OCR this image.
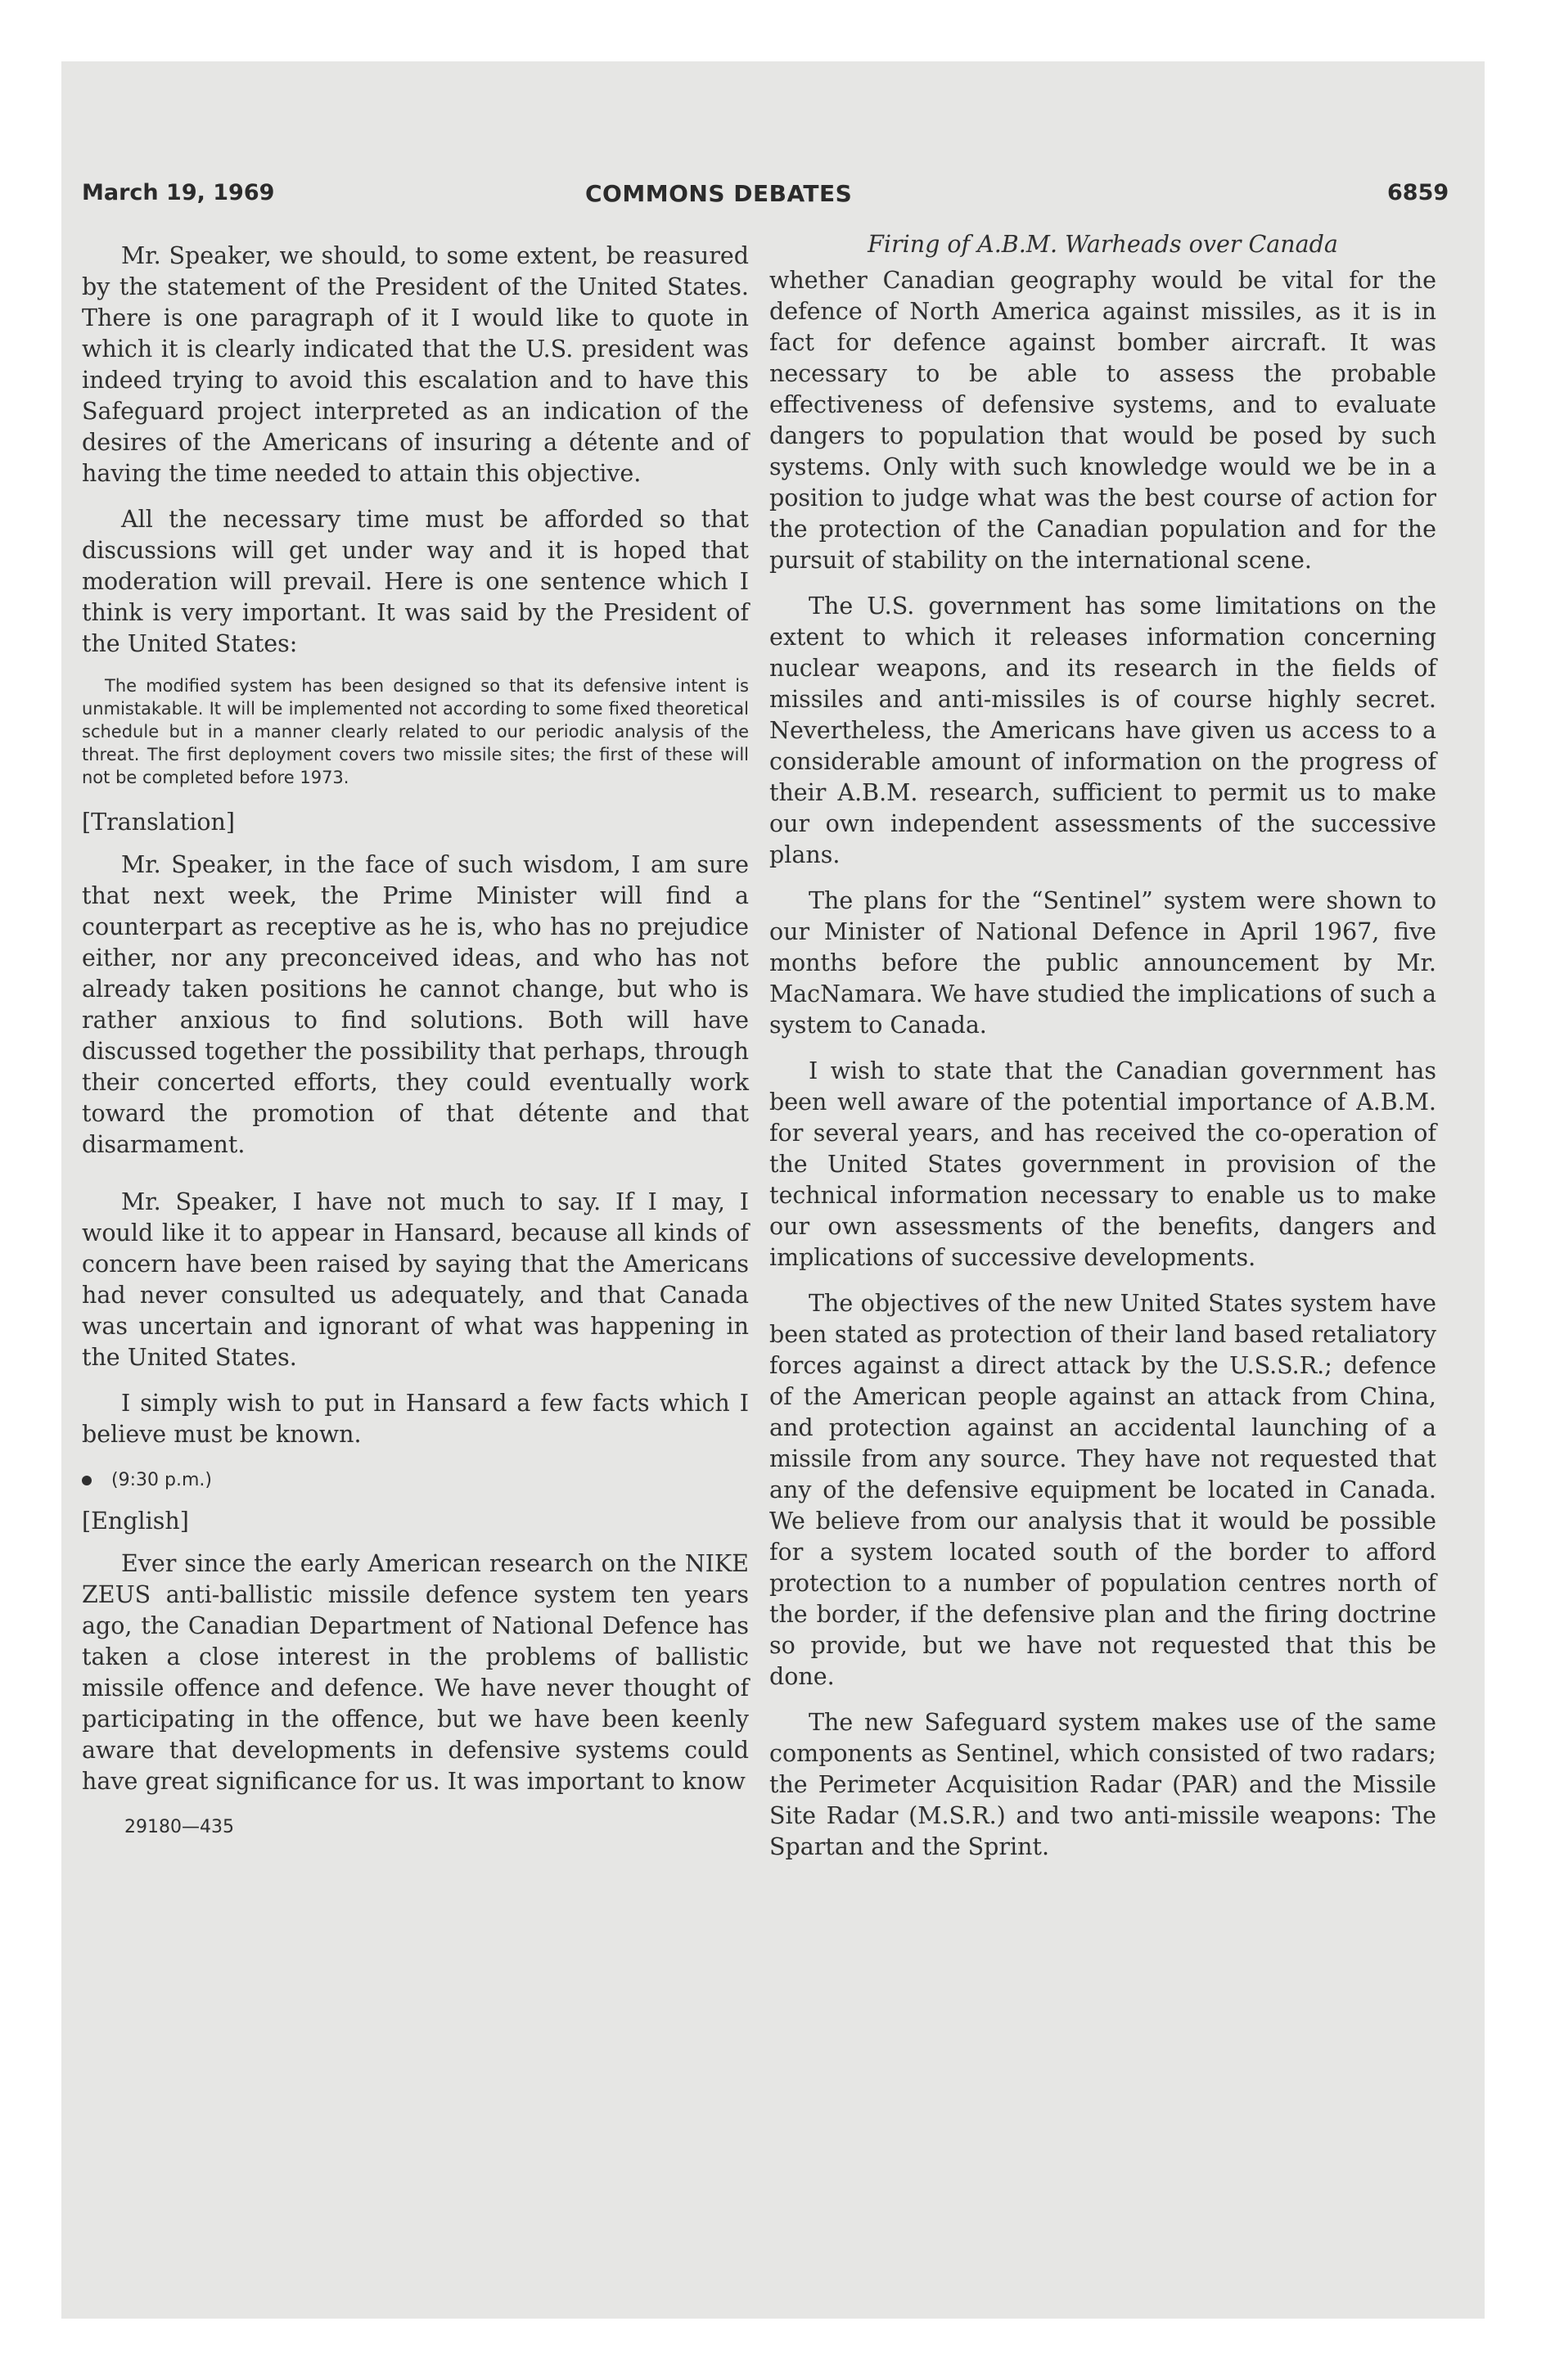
March 19, 1969	COMMONS DEBATES	6859

Mr. Speaker, we should, to some extent, be reasured by the statement of the President of the United States. There is one paragraph of it I would like to quote in which it is clearly indicated that the U.S. president was indeed trying to avoid this escalation and to have this Safeguard project interpreted as an indication of the desires of the Americans of insuring a détente and of having the time needed to attain this objective.

All the necessary time must be afforded so that discussions will get under way and it is hoped that moderation will prevail. Here is one sentence which I think is very important. It was said by the President of the United States:

The modified system has been designed so that its defensive intent is unmistakable. It will be implemented not according to some fixed theoretical schedule but in a manner clearly related to our periodic analysis of the threat. The first deployment covers two missile sites; the first of these will not be completed before 1973.

[Translation]

Mr. Speaker, in the face of such wisdom, I am sure that next week, the Prime Minister will find a counterpart as receptive as he is, who has no prejudice either, nor any preconceived ideas, and who has not already taken positions he cannot change, but who is rather anxious to find solutions. Both will have discussed together the possibility that perhaps, through their concerted efforts, they could eventually work toward the promotion of that détente and that disarmament.

Mr. Speaker, I have not much to say. If I may, I would like it to appear in Hansard, because all kinds of concern have been raised by saying that the Americans had never consulted us adequately, and that Canada was uncertain and ignorant of what was happening in the United States.

I simply wish to put in Hansard a few facts which I believe must be known.

(9:30 p.m.)

[English]

Ever since the early American research on the NIKE ZEUS anti-ballistic missile defence system ten years ago, the Canadian Department of National Defence has taken a close interest in the problems of ballistic missile offence and defence. We have never thought of participating in the offence, but we have been keenly aware that developments in defensive systems could have great significance for us. It was important to know

29180—435

Firing of A.B.M. Warheads over Canada

whether Canadian geography would be vital for the defence of North America against missiles, as it is in fact for defence against bomber aircraft. It was necessary to be able to assess the probable effectiveness of defensive systems, and to evaluate dangers to population that would be posed by such systems. Only with such knowledge would we be in a position to judge what was the best course of action for the protection of the Canadian population and for the pursuit of stability on the international scene.

The U.S. government has some limitations on the extent to which it releases information concerning nuclear weapons, and its research in the fields of missiles and anti-missiles is of course highly secret. Nevertheless, the Americans have given us access to a considerable amount of information on the progress of their A.B.M. research, sufficient to permit us to make our own independent assessments of the successive plans.

The plans for the “Sentinel” system were shown to our Minister of National Defence in April 1967, five months before the public announcement by Mr. MacNamara. We have studied the implications of such a system to Canada.

I wish to state that the Canadian government has been well aware of the potential importance of A.B.M. for several years, and has received the co-operation of the United States government in provision of the technical information necessary to enable us to make our own assessments of the benefits, dangers and implications of successive developments.

The objectives of the new United States system have been stated as protection of their land based retaliatory forces against a direct attack by the U.S.S.R.; defence of the American people against an attack from China, and protection against an accidental launching of a missile from any source. They have not requested that any of the defensive equipment be located in Canada. We believe from our analysis that it would be possible for a system located south of the border to afford protection to a number of population centres north of the border, if the defensive plan and the firing doctrine so provide, but we have not requested that this be done.

The new Safeguard system makes use of the same components as Sentinel, which consisted of two radars; the Perimeter Acquisition Radar (PAR) and the Missile Site Radar (M.S.R.) and two anti-missile weapons: The Spartan and the Sprint.
